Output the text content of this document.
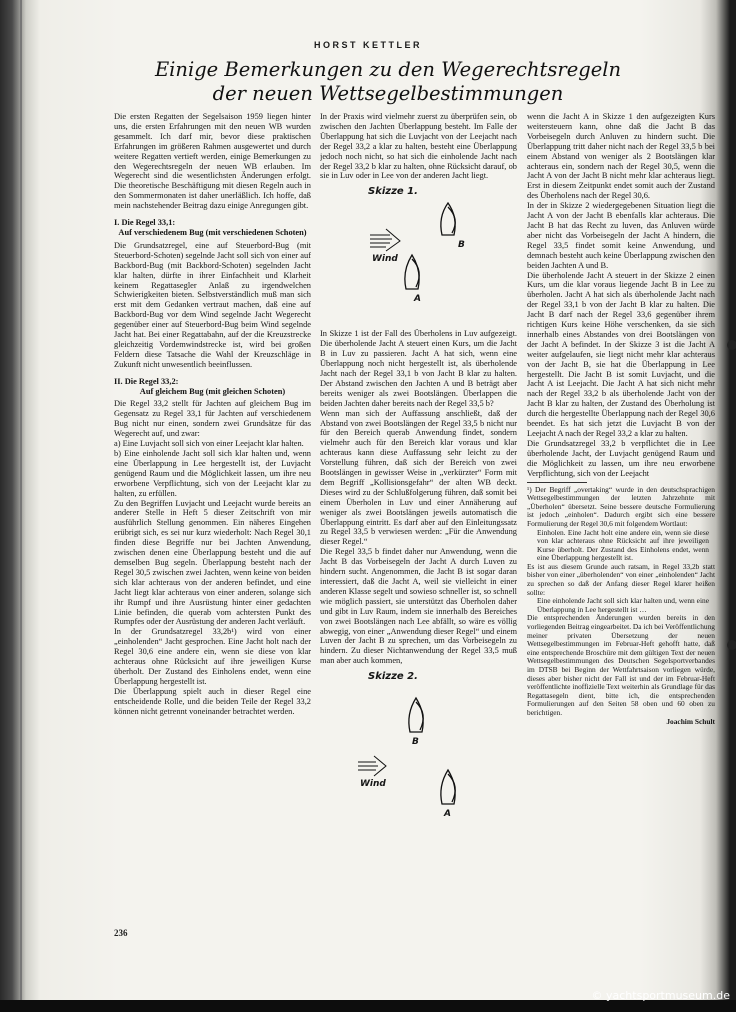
HORST KETTLER
Einige Bemerkungen zu den Wegerechtsregeln
der neuen Wettsegelbestimmungen

Die ersten Regatten der Segelsaison 1959 liegen hinter uns, die ersten Erfahrungen mit den neuen WB wurden gesammelt. Ich darf mir, bevor diese praktischen Erfahrungen im größeren Rahmen ausgewertet und durch weitere Regatten vertieft werden, einige Bemerkungen zu den Wegerechtsregeln der neuen WB erlauben. Im Wegerecht sind die wesentlichsten Änderungen erfolgt. Die theoretische Beschäftigung mit diesen Regeln auch in den Sommermonaten ist daher unerläßlich. Ich hoffe, daß mein nachstehender Beitrag dazu einige Anregungen gibt.

I. Die Regel 33,1:

Auf verschiedenem Bug (mit verschiedenen Schoten)

Die Grundsatzregel, eine auf Steuerbord-Bug (mit Steuerbord-Schoten) segelnde Jacht soll sich von einer auf Backbord-Bug (mit Backbord-Schoten) segelnden Jacht klar halten, dürfte in ihrer Einfachheit und Klarheit keinem Regattasegler Anlaß zu irgendwelchen Schwierigkeiten bieten. Selbstverständlich muß man sich erst mit dem Gedanken vertraut machen, daß eine auf Backbord-Bug vor dem Wind segelnde Jacht Wegerecht gegenüber einer auf Steuerbord-Bug beim Wind segelnde Jacht hat. Bei einer Regattabahn, auf der die Kreuzstrecke gleichzeitig Vordemwindstrecke ist, wird bei großen Feldern diese Tatsache die Wahl der Kreuzschläge in Zukunft nicht unwesentlich beeinflussen.

II. Die Regel 33,2:

Auf gleichem Bug (mit gleichen Schoten)

Die Regel 33,2 stellt für Jachten auf gleichem Bug im Gegensatz zu Regel 33,1 für Jachten auf verschiedenem Bug nicht nur einen, sondern zwei Grundsätze für das Wegerecht auf, und zwar:

a) Eine Luvjacht soll sich von einer Leejacht klar halten.

b) Eine einholende Jacht soll sich klar halten und, wenn eine Überlappung in Lee hergestellt ist, der Luvjacht genügend Raum und die Möglichkeit lassen, um ihre neu erworbene Verpflichtung, sich von der Leejacht klar zu halten, zu erfüllen.

Zu den Begriffen Luvjacht und Leejacht wurde bereits an anderer Stelle in Heft 5 dieser Zeitschrift von mir ausführlich Stellung genommen. Ein näheres Eingehen erübrigt sich, es sei nur kurz wiederholt: Nach Regel 30,1 finden diese Begriffe nur bei Jachten Anwendung, zwischen denen eine Überlappung besteht und die auf demselben Bug segeln. Überlappung besteht nach der Regel 30,5 zwischen zwei Jachten, wenn keine von beiden sich klar achteraus von der anderen befindet, und eine Jacht liegt klar achteraus von einer anderen, solange sich ihr Rumpf und ihre Ausrüstung hinter einer gedachten Linie befinden, die querab vom achtersten Punkt des Rumpfes oder der Ausrüstung der anderen Jacht verläuft.

In der Grundsatzregel 33,2b¹) wird von einer „einholenden“ Jacht gesprochen. Eine Jacht holt nach der Regel 30,6 eine andere ein, wenn sie diese von klar achteraus ohne Rücksicht auf ihre jeweiligen Kurse überholt. Der Zustand des Einholens endet, wenn eine Überlappung hergestellt ist.

Die Überlappung spielt auch in dieser Regel eine entscheidende Rolle, und die beiden Teile der Regel 33,2 können nicht getrennt voneinander betrachtet werden.

In der Praxis wird vielmehr zuerst zu überprüfen sein, ob zwischen den Jachten Überlappung besteht. Im Falle der Überlappung hat sich die Luvjacht von der Leejacht nach der Regel 33,2 a klar zu halten, besteht eine Überlappung jedoch noch nicht, so hat sich die einholende Jacht nach der Regel 33,2 b klar zu halten, ohne Rücksicht darauf, ob sie in Luv oder in Lee von der anderen Jacht liegt.

Skizze 1.
Wind
B
A

In Skizze 1 ist der Fall des Überholens in Luv aufgezeigt. Die überholende Jacht A steuert einen Kurs, um die Jacht B in Luv zu passieren. Jacht A hat sich, wenn eine Überlappung noch nicht hergestellt ist, als überholende Jacht nach der Regel 33,1 b von Jacht B klar zu halten. Der Abstand zwischen den Jachten A und B beträgt aber bereits weniger als zwei Bootslängen. Überlappen die beiden Jachten daher bereits nach der Regel 33,5 b?

Wenn man sich der Auffassung anschließt, daß der Abstand von zwei Bootslängen der Regel 33,5 b nicht nur für den Bereich querab Anwendung findet, sondern vielmehr auch für den Bereich klar voraus und klar achteraus kann diese Auffassung sehr leicht zu der Vorstellung führen, daß sich der Bereich von zwei Bootslängen in gewisser Weise in „verkürzter“ Form mit dem Begriff „Kollisionsgefahr“ der alten WB deckt. Dieses wird zu der Schlußfolgerung führen, daß somit bei einem Überholen in Luv und einer Annäherung auf weniger als zwei Bootslängen jeweils automatisch die Überlappung eintritt. Es darf aber auf den Einleitungssatz zu Regel 33,5 b verwiesen werden: „Für die Anwendung dieser Regel.“

Die Regel 33,5 b findet daher nur Anwendung, wenn die Jacht B das Vorbeisegeln der Jacht A durch Luven zu hindern sucht. Angenommen, die Jacht B ist sogar daran interessiert, daß die Jacht A, weil sie vielleicht in einer anderen Klasse segelt und sowieso schneller ist, so schnell wie möglich passiert, sie unterstützt das Überholen daher und gibt in Luv Raum, indem sie innerhalb des Bereiches von zwei Bootslängen nach Lee abfällt, so wäre es völlig abwegig, von einer „Anwendung dieser Regel“ und einem Luven der Jacht B zu sprechen, um das Vorbeisegeln zu hindern. Zu dieser Nichtanwendung der Regel 33,5 muß man aber auch kommen,

Skizze 2.
B
Wind
A

wenn die Jacht A in Skizze 1 den aufgezeigten Kurs weitersteuern kann, ohne daß die Jacht B das Vorbeisegeln durch Anluven zu hindern sucht. Die Überlappung tritt daher nicht nach der Regel 33,5 b bei einem Abstand von weniger als 2 Bootslängen klar achteraus ein, sondern nach der Regel 30,5, wenn die Jacht A von der Jacht B nicht mehr klar achteraus liegt. Erst in diesem Zeitpunkt endet somit auch der Zustand des Überholens nach der Regel 30,6.

In der in Skizze 2 wiedergegebenen Situation liegt die Jacht A von der Jacht B ebenfalls klar achteraus. Die Jacht B hat das Recht zu luven, das Anluven würde aber nicht das Vorbeisegeln der Jacht A hindern, die Regel 33,5 findet somit keine Anwendung, und demnach besteht auch keine Überlappung zwischen den beiden Jachten A und B.

Die überholende Jacht A steuert in der Skizze 2 einen Kurs, um die klar voraus liegende Jacht B in Lee zu überholen. Jacht A hat sich als überholende Jacht nach der Regel 33,1 b von der Jacht B klar zu halten. Die Jacht B darf nach der Regel 33,6 gegenüber ihrem richtigen Kurs keine Höhe verschenken, da sie sich innerhalb eines Abstandes von drei Bootslängen von der Jacht A befindet. In der Skizze 3 ist die Jacht A weiter aufgelaufen, sie liegt nicht mehr klar achteraus von der Jacht B, sie hat die Überlappung in Lee hergestellt. Die Jacht B ist somit Luvjacht, und die Jacht A ist Leejacht. Die Jacht A hat sich nicht mehr nach der Regel 33,2 b als überholende Jacht von der Jacht B klar zu halten, der Zustand des Überholung ist durch die hergestellte Überlappung nach der Regel 30,6 beendet. Es hat sich jetzt die Luvjacht B von der Leejacht A nach der Regel 33,2 a klar zu halten.

Die Grundsatzregel 33,2 b verpflichtet die in Lee überholende Jacht, der Luvjacht genügend Raum und die Möglichkeit zu lassen, um ihre neu erworbene Verpflichtung, sich von der Leejacht

¹) Der Begriff „overtaking“ wurde in den deutschsprachigen Wettsegelbestimmungen der letzten Jahrzehnte mit „Überholen“ übersetzt. Seine bessere deutsche Formulierung ist jedoch „einholen“. Dadurch ergibt sich eine bessere Formulierung der Regel 30,6 mit folgendem Wortlaut:

Einholen. Eine Jacht holt eine andere ein, wenn sie diese von klar achteraus ohne Rücksicht auf ihre jeweiligen Kurse überholt. Der Zustand des Einholens endet, wenn eine Überlappung hergestellt ist.

Es ist aus diesem Grunde auch ratsam, in Regel 33,2b statt bisher von einer „überholenden“ von einer „einholenden“ Jacht zu sprechen so daß der Anfang dieser Regel klarer heißen sollte:

Eine einholende Jacht soll sich klar halten und, wenn eine Überlappung in Lee hergestellt ist …

Die entsprechenden Änderungen wurden bereits in den vorliegenden Beitrag eingearbeitet. Da ich bei Veröffentlichung meiner privaten Übersetzung der neuen Wettsegelbestimmungen im Februar-Heft gehofft hatte, daß eine entsprechende Broschüre mit dem gültigen Text der neuen Wettsegelbestimmungen des Deutschen Segelsportverbandes im DTSB bei Beginn der Wettfahrtsaison vorliegen würde, dieses aber bisher nicht der Fall ist und der im Februar-Heft veröffentlichte inoffizielle Text weiterhin als Grundlage für das Regattasegeln dient, bitte ich, die entsprechenden Formulierungen auf den Seiten 58 oben und 60 oben zu berichtigen.

Joachim Schult

236
© yachtsportmuseum.de
